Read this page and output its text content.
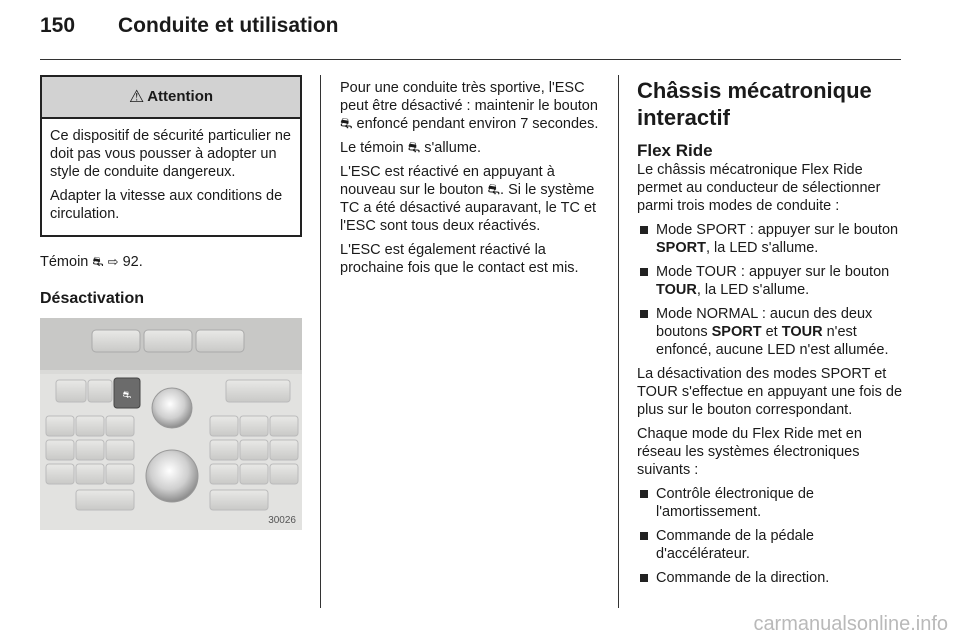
150	Conduite et utilisation
⚠ Attention

Ce dispositif de sécurité particulier ne doit pas vous pousser à adopter un style de conduite dangereux.

Adapter la vitesse aux conditions de circulation.

Témoin ⛐ ⇨ 92.

Désactivation
⛐
30026

Pour une conduite très sportive, l'ESC peut être désactivé : maintenir le bouton ⛐ enfoncé pendant environ 7 secondes.

Le témoin ⛐ s'allume.

L'ESC est réactivé en appuyant à nouveau sur le bouton ⛐. Si le système TC a été désactivé auparavant, le TC et l'ESC sont tous deux réactivés.

L'ESC est également réactivé la prochaine fois que le contact est mis.

Châssis mécatronique interactif
Flex Ride

Le châssis mécatronique Flex Ride permet au conducteur de sélectionner parmi trois modes de conduite :

Mode SPORT : appuyer sur le bouton SPORT, la LED s'allume.
Mode TOUR : appuyer sur le bouton TOUR, la LED s'allume.
Mode NORMAL : aucun des deux boutons SPORT et TOUR n'est enfoncé, aucune LED n'est allumée.

La désactivation des modes SPORT et TOUR s'effectue en appuyant une fois de plus sur le bouton correspondant.

Chaque mode du Flex Ride met en réseau les systèmes électroniques suivants :

Contrôle électronique de l'amortissement.
Commande de la pédale d'accélérateur.
Commande de la direction.
carmanualsonline.info
